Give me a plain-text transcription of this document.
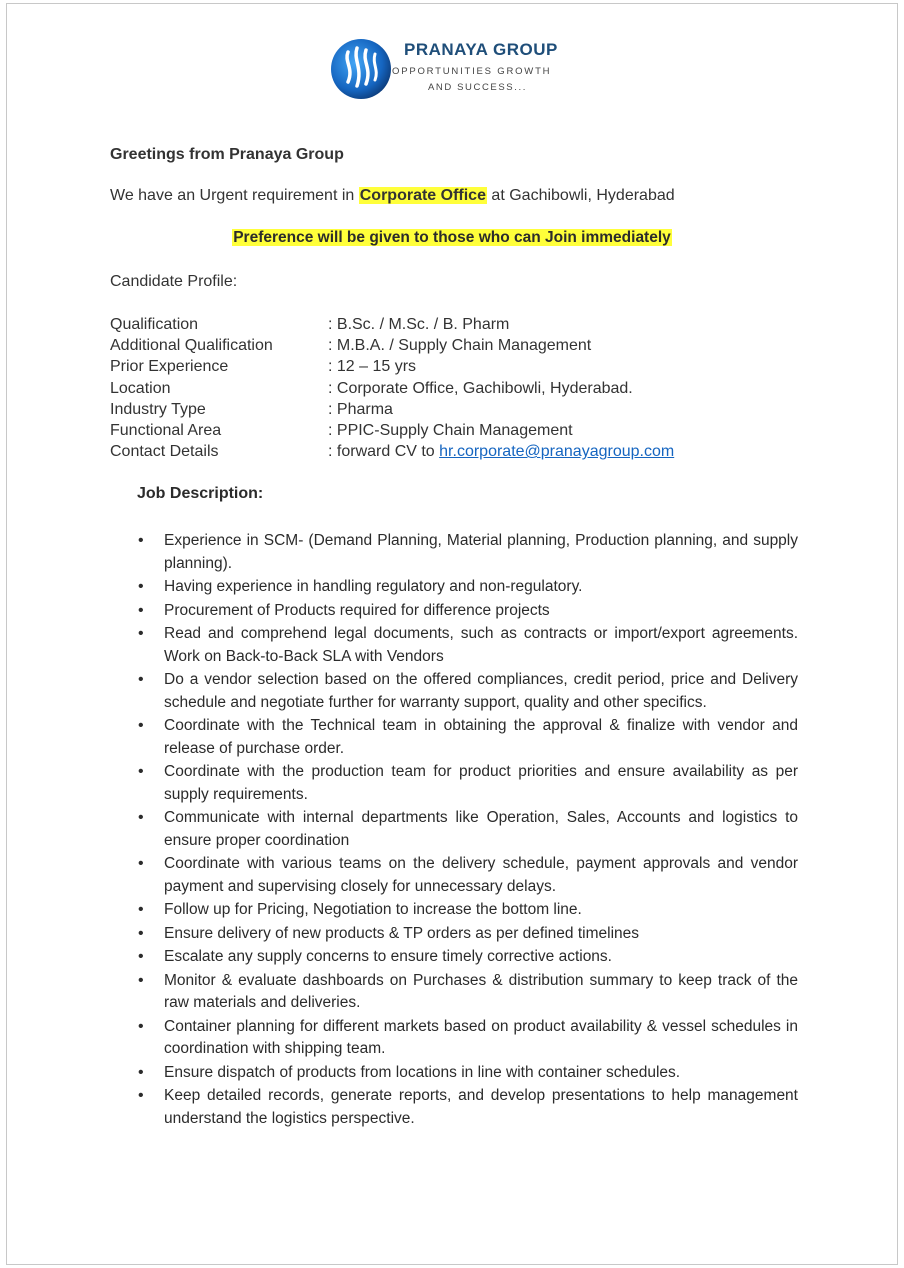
PRANAYA GROUP
OPPORTUNITIES GROWTH
AND SUCCESS...
Greetings from Pranaya Group
We have an Urgent requirement in Corporate Office at Gachibowli, Hyderabad
Preference will be given to those who can Join immediately
Candidate Profile:
Qualification	: B.Sc. / M.Sc. / B. Pharm
Additional Qualification	: M.B.A. / Supply Chain Management
Prior Experience	: 12 – 15 yrs
Location	: Corporate Office, Gachibowli, Hyderabad.
Industry Type	: Pharma
Functional Area	: PPIC-Supply Chain Management
Contact Details	: forward CV to hr.corporate@pranayagroup.com
Job Description:
• Experience in SCM- (Demand Planning, Material planning, Production planning, and supply planning).
• Having experience in handling regulatory and non-regulatory.
• Procurement of Products required for difference projects
• Read and comprehend legal documents, such as contracts or import/export agreements. Work on Back-to-Back SLA with Vendors
• Do a vendor selection based on the offered compliances, credit period, price and Delivery schedule and negotiate further for warranty support, quality and other specifics.
• Coordinate with the Technical team in obtaining the approval & finalize with vendor and release of purchase order.
• Coordinate with the production team for product priorities and ensure availability as per supply requirements.
• Communicate with internal departments like Operation, Sales, Accounts and logistics to ensure proper coordination
• Coordinate with various teams on the delivery schedule, payment approvals and vendor payment and supervising closely for unnecessary delays.
• Follow up for Pricing, Negotiation to increase the bottom line.
• Ensure delivery of new products & TP orders as per defined timelines
• Escalate any supply concerns to ensure timely corrective actions.
• Monitor & evaluate dashboards on Purchases & distribution summary to keep track of the raw materials and deliveries.
• Container planning for different markets based on product availability & vessel schedules in coordination with shipping team.
• Ensure dispatch of products from locations in line with container schedules.
• Keep detailed records, generate reports, and develop presentations to help management understand the logistics perspective.
